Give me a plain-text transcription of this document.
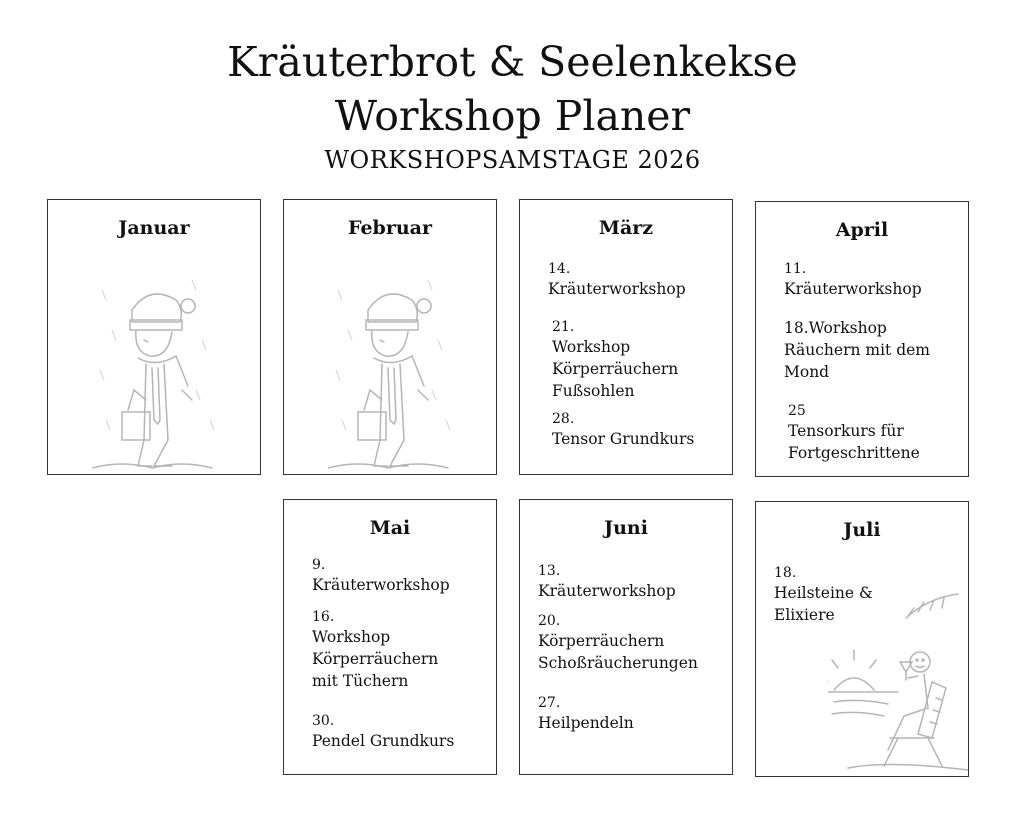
Kräuterbrot & Seelenkekse
Workshop Planer
WORKSHOPSAMSTAGE 2026
Januar	Februar	März
14.
Kräuterworkshop
21.
Workshop
Körperräuchern
Fußsohlen
28.
Tensor Grundkurs
April
11.
Kräuterworkshop
18.Workshop
Räuchern mit dem
Mond
25
Tensorkurs für
Fortgeschrittene
Mai
9.
Kräuterworkshop
16.
Workshop
Körperräuchern
mit Tüchern
30.
Pendel Grundkurs
Juni
13.
Kräuterworkshop
20.
Körperräuchern
Schoßräucherungen
27.
Heilpendeln
Juli
18.
Heilsteine &
Elixiere
